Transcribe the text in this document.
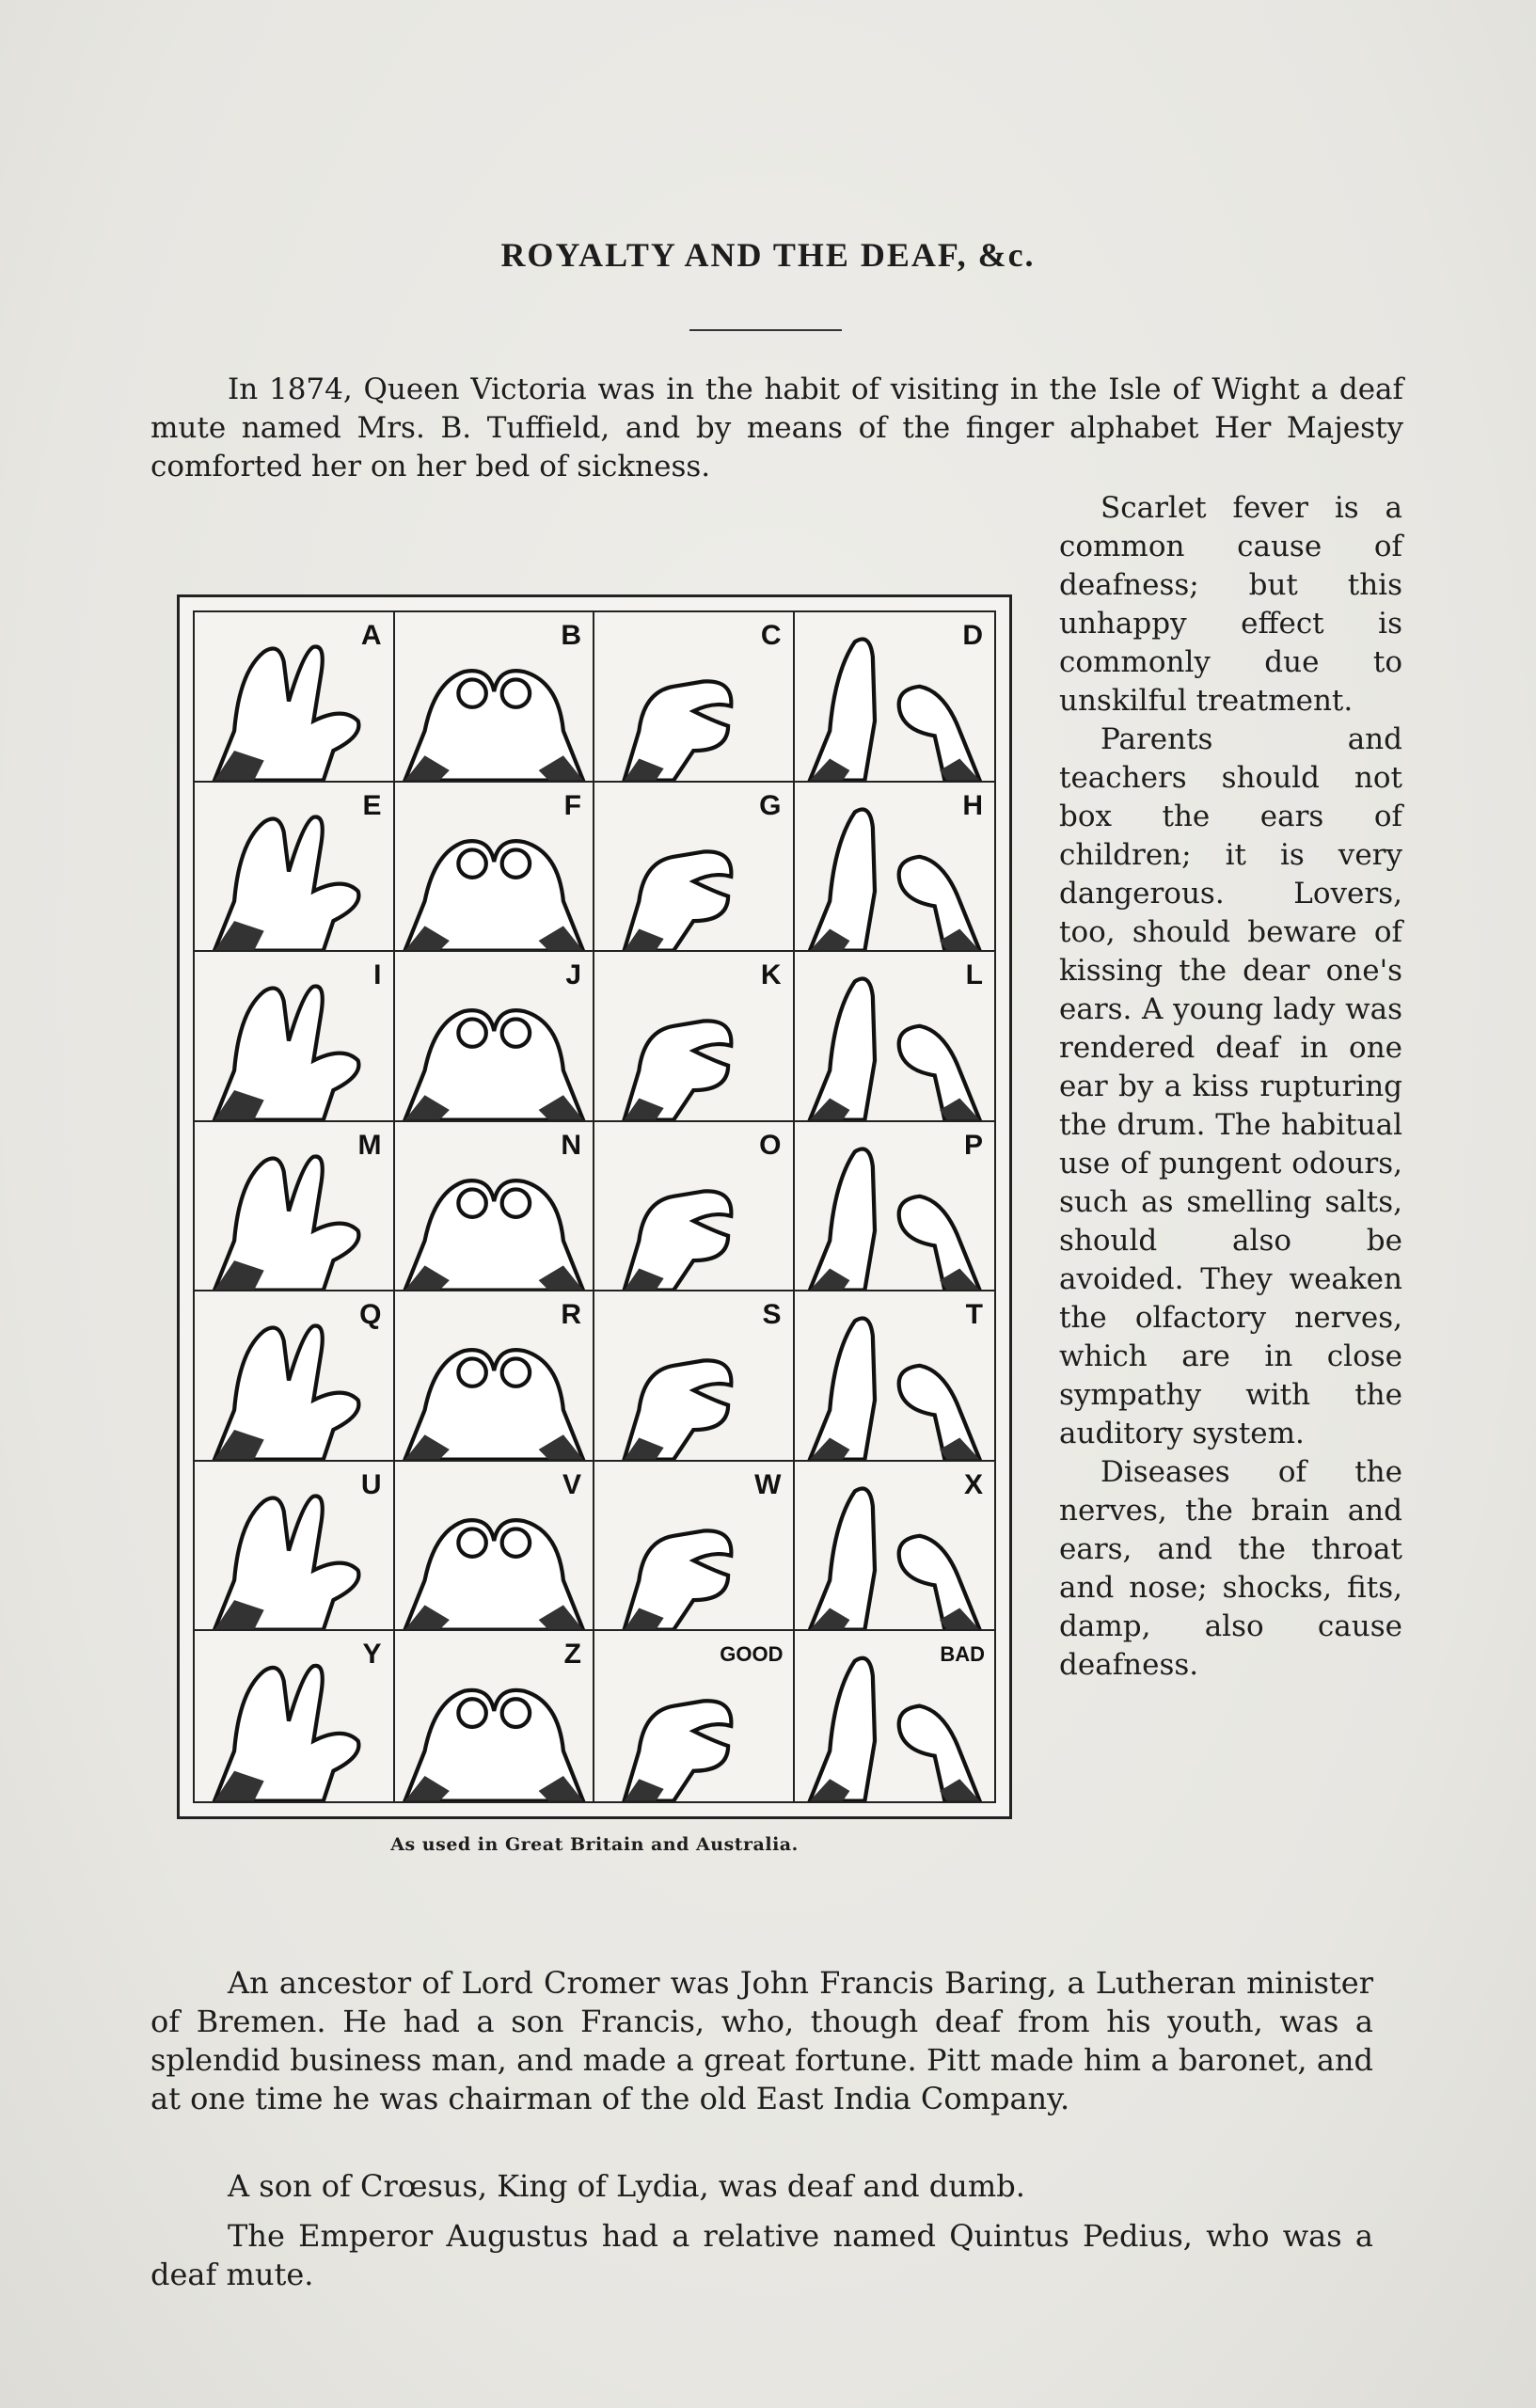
ROYALTY AND THE DEAF, &c.

In 1874, Queen Victoria was in the habit of visiting in the Isle of Wight a deaf mute named Mrs. B. Tuffield, and by means of the finger alphabet Her Majesty comforted her on her bed of sickness.

Scarlet fever is a common cause of deafness; but this unhappy effect is commonly due to unskilful treatment.

Parents and teachers should not box the ears of children; it is very dangerous. Lovers, too, should beware of kissing the dear one's ears. A young lady was rendered deaf in one ear by a kiss rupturing the drum. The habitual use of pungent odours, such as smelling salts, should also be avoided. They weaken the olfactory nerves, which are in close sympathy with the auditory system.

Diseases of the nerves, the brain and ears, and the throat and nose; shocks, fits, damp, also cause deafness.

A	B	C	D
E	F	G	H
I	J	K	L
M	N	O	P
Q	R	S	T
U	V	W	X
Y	Z	GOOD	BAD
As used in Great Britain and Australia.

An ancestor of Lord Cromer was John Francis Baring, a Lutheran minister of Bremen. He had a son Francis, who, though deaf from his youth, was a splendid business man, and made a great fortune. Pitt made him a baronet, and at one time he was chairman of the old East India Company.

A son of Crœsus, King of Lydia, was deaf and dumb.

The Emperor Augustus had a relative named Quintus Pedius, who was a deaf mute.
